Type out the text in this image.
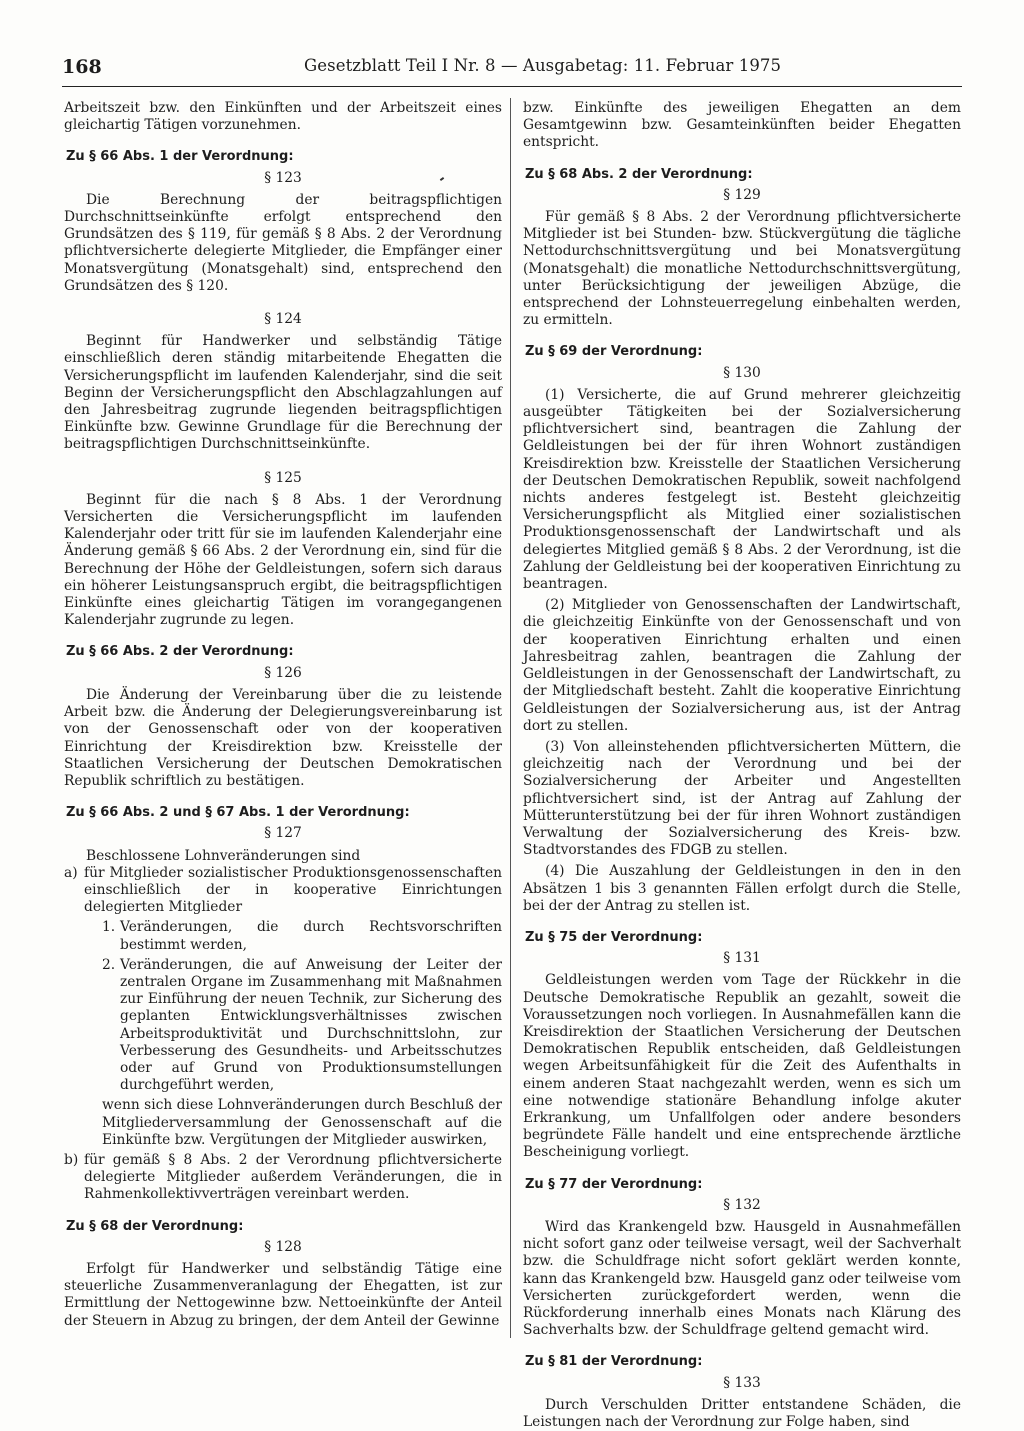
168	Gesetzblatt Teil I Nr. 8 — Ausgabetag: 11. Februar 1975

Arbeitszeit bzw. den Einkünften und der Arbeitszeit eines gleichartig Tätigen vorzunehmen.

Zu § 66 Abs. 1 der Verordnung:
§ 123

Die Berechnung der beitragspflichtigen Durchschnittseinkünfte erfolgt entsprechend den Grundsätzen des § 119, für gemäß § 8 Abs. 2 der Verordnung pflichtversicherte delegierte Mitglieder, die Empfänger einer Monatsvergütung (Monatsgehalt) sind, entsprechend den Grundsätzen des § 120.

§ 124

Beginnt für Handwerker und selbständig Tätige einschließlich deren ständig mitarbeitende Ehegatten die Versicherungspflicht im laufenden Kalenderjahr, sind die seit Beginn der Versicherungspflicht den Abschlagzahlungen auf den Jahresbeitrag zugrunde liegenden beitragspflichtigen Einkünfte bzw. Gewinne Grundlage für die Berechnung der beitragspflichtigen Durchschnittseinkünfte.

§ 125

Beginnt für die nach § 8 Abs. 1 der Verordnung Versicherten die Versicherungspflicht im laufenden Kalenderjahr oder tritt für sie im laufenden Kalenderjahr eine Änderung gemäß § 66 Abs. 2 der Verordnung ein, sind für die Berechnung der Höhe der Geldleistungen, sofern sich daraus ein höherer Leistungsanspruch ergibt, die beitragspflichtigen Einkünfte eines gleichartig Tätigen im vorangegangenen Kalenderjahr zugrunde zu legen.

Zu § 66 Abs. 2 der Verordnung:
§ 126

Die Änderung der Vereinbarung über die zu leistende Arbeit bzw. die Änderung der Delegierungsvereinbarung ist von der Genossenschaft oder von der kooperativen Einrichtung der Kreisdirektion bzw. Kreisstelle der Staatlichen Versicherung der Deutschen Demokratischen Republik schriftlich zu bestätigen.

Zu § 66 Abs. 2 und § 67 Abs. 1 der Verordnung:
§ 127

Beschlossene Lohnveränderungen sind

a) für Mitglieder sozialistischer Produktionsgenossenschaften einschließlich der in kooperative Einrichtungen delegierten Mitglieder
1. Veränderungen, die durch Rechtsvorschriften bestimmt werden,
2. Veränderungen, die auf Anweisung der Leiter der zentralen Organe im Zusammenhang mit Maßnahmen zur Einführung der neuen Technik, zur Sicherung des geplanten Entwicklungsverhältnisses zwischen Arbeitsproduktivität und Durchschnittslohn, zur Verbesserung des Gesundheits- und Arbeitsschutzes oder auf Grund von Produktionsumstellungen durchgeführt werden,

wenn sich diese Lohnveränderungen durch Beschluß der Mitgliederversammlung der Genossenschaft auf die Einkünfte bzw. Vergütungen der Mitglieder auswirken,

b) für gemäß § 8 Abs. 2 der Verordnung pflichtversicherte delegierte Mitglieder außerdem Veränderungen, die in Rahmenkollektivverträgen vereinbart werden.
Zu § 68 der Verordnung:
§ 128

Erfolgt für Handwerker und selbständig Tätige eine steuerliche Zusammenveranlagung der Ehegatten, ist zur Ermittlung der Nettogewinne bzw. Nettoeinkünfte der Anteil der Steuern in Abzug zu bringen, der dem Anteil der Gewinne

bzw. Einkünfte des jeweiligen Ehegatten an dem Gesamtgewinn bzw. Gesamteinkünften beider Ehegatten entspricht.

Zu § 68 Abs. 2 der Verordnung:
§ 129

Für gemäß § 8 Abs. 2 der Verordnung pflichtversicherte Mitglieder ist bei Stunden- bzw. Stückvergütung die tägliche Nettodurchschnittsvergütung und bei Monatsvergütung (Monatsgehalt) die monatliche Nettodurchschnittsvergütung, unter Berücksichtigung der jeweiligen Abzüge, die entsprechend der Lohnsteuerregelung einbehalten werden, zu ermitteln.

Zu § 69 der Verordnung:
§ 130

(1) Versicherte, die auf Grund mehrerer gleichzeitig ausgeübter Tätigkeiten bei der Sozialversicherung pflichtversichert sind, beantragen die Zahlung der Geldleistungen bei der für ihren Wohnort zuständigen Kreisdirektion bzw. Kreisstelle der Staatlichen Versicherung der Deutschen Demokratischen Republik, soweit nachfolgend nichts anderes festgelegt ist. Besteht gleichzeitig Versicherungspflicht als Mitglied einer sozialistischen Produktionsgenossenschaft der Landwirtschaft und als delegiertes Mitglied gemäß § 8 Abs. 2 der Verordnung, ist die Zahlung der Geldleistung bei der kooperativen Einrichtung zu beantragen.

(2) Mitglieder von Genossenschaften der Landwirtschaft, die gleichzeitig Einkünfte von der Genossenschaft und von der kooperativen Einrichtung erhalten und einen Jahresbeitrag zahlen, beantragen die Zahlung der Geldleistungen in der Genossenschaft der Landwirtschaft, zu der Mitgliedschaft besteht. Zahlt die kooperative Einrichtung Geldleistungen der Sozialversicherung aus, ist der Antrag dort zu stellen.

(3) Von alleinstehenden pflichtversicherten Müttern, die gleichzeitig nach der Verordnung und bei der Sozialversicherung der Arbeiter und Angestellten pflichtversichert sind, ist der Antrag auf Zahlung der Mütterunterstützung bei der für ihren Wohnort zuständigen Verwaltung der Sozialversicherung des Kreis- bzw. Stadtvorstandes des FDGB zu stellen.

(4) Die Auszahlung der Geldleistungen in den in den Absätzen 1 bis 3 genannten Fällen erfolgt durch die Stelle, bei der der Antrag zu stellen ist.

Zu § 75 der Verordnung:
§ 131

Geldleistungen werden vom Tage der Rückkehr in die Deutsche Demokratische Republik an gezahlt, soweit die Voraussetzungen noch vorliegen. In Ausnahmefällen kann die Kreisdirektion der Staatlichen Versicherung der Deutschen Demokratischen Republik entscheiden, daß Geldleistungen wegen Arbeitsunfähigkeit für die Zeit des Aufenthalts in einem anderen Staat nachgezahlt werden, wenn es sich um eine notwendige stationäre Behandlung infolge akuter Erkrankung, um Unfallfolgen oder andere besonders begründete Fälle handelt und eine entsprechende ärztliche Bescheinigung vorliegt.

Zu § 77 der Verordnung:
§ 132

Wird das Krankengeld bzw. Hausgeld in Ausnahmefällen nicht sofort ganz oder teilweise versagt, weil der Sachverhalt bzw. die Schuldfrage nicht sofort geklärt werden konnte, kann das Krankengeld bzw. Hausgeld ganz oder teilweise vom Versicherten zurückgefordert werden, wenn die Rückforderung innerhalb eines Monats nach Klärung des Sachverhalts bzw. der Schuldfrage geltend gemacht wird.

Zu § 81 der Verordnung:
§ 133

Durch Verschulden Dritter entstandene Schäden, die Leistungen nach der Verordnung zur Folge haben, sind
